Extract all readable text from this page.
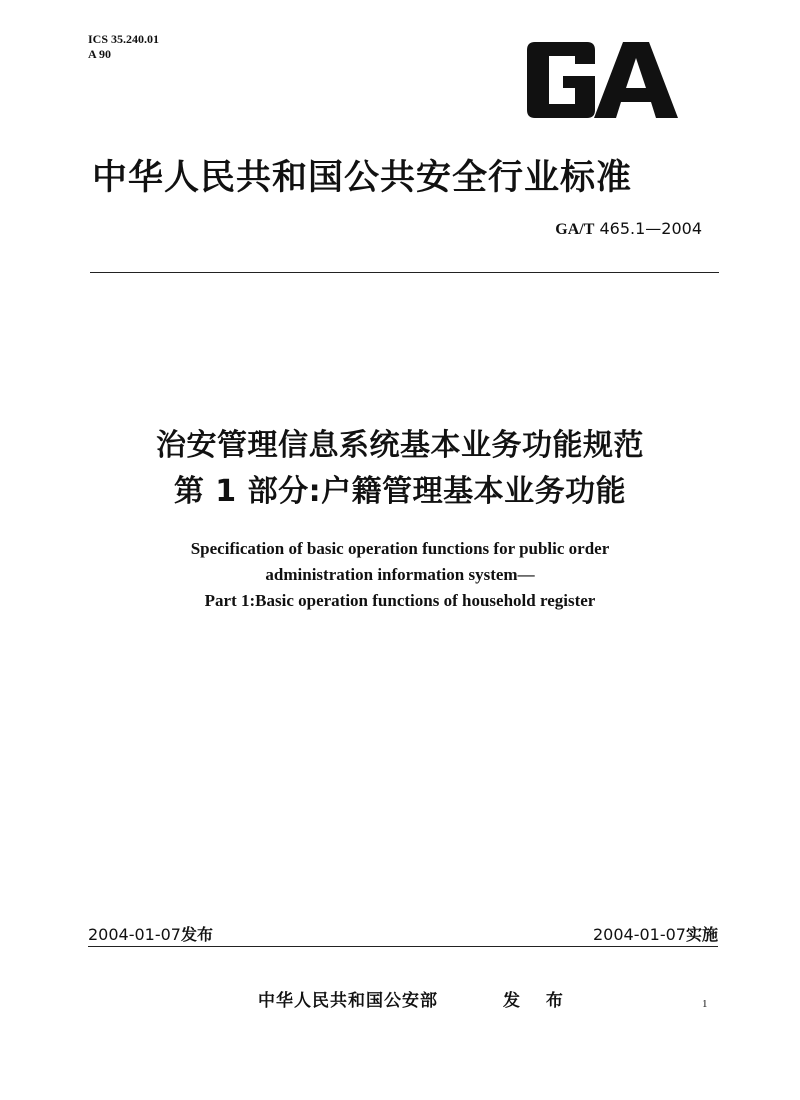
ICS 35.240.01
A 90
中华人民共和国公共安全行业标准
GA/T 465.1—2004
治安管理信息系统基本业务功能规范
第 1 部分:户籍管理基本业务功能
Specification of basic operation functions for public order
administration information system—
Part 1:Basic operation functions of household register
2004-01-07发布	2004-01-07实施
中华人民共和国公安部	发 布	1
